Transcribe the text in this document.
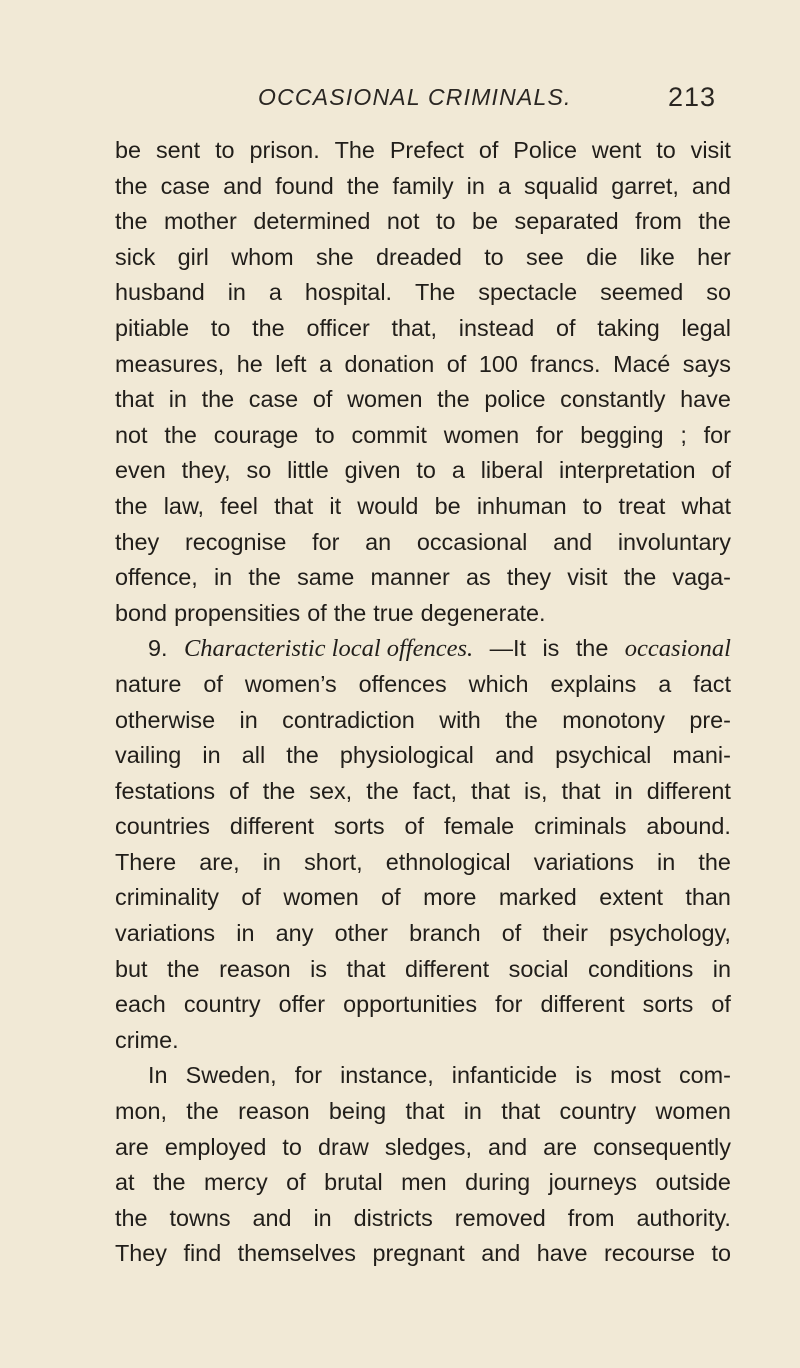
OCCASIONAL CRIMINALS.	213
be sent to prison. The Prefect of Police went to visit
the case and found the family in a squalid garret, and
the mother determined not to be separated from the
sick girl whom she dreaded to see die like her
husband in a hospital. The spectacle seemed so
pitiable to the officer that, instead of taking legal
measures, he left a donation of 100 francs. Macé says
that in the case of women the police constantly have
not the courage to commit women for begging ; for
even they, so little given to a liberal interpretation of
the law, feel that it would be inhuman to treat what
they recognise for an occasional and involuntary
offence, in the same manner as they visit the vaga-
bond propensities of the true degenerate.
9. Characteristic local offences. —It is the occasional
nature of women’s offences which explains a fact
otherwise in contradiction with the monotony pre-
vailing in all the physiological and psychical mani-
festations of the sex, the fact, that is, that in different
countries different sorts of female criminals abound.
There are, in short, ethnological variations in the
criminality of women of more marked extent than
variations in any other branch of their psychology,
but the reason is that different social conditions in
each country offer opportunities for different sorts of
crime.
In Sweden, for instance, infanticide is most com-
mon, the reason being that in that country women
are employed to draw sledges, and are consequently
at the mercy of brutal men during journeys outside
the towns and in districts removed from authority.
They find themselves pregnant and have recourse to
